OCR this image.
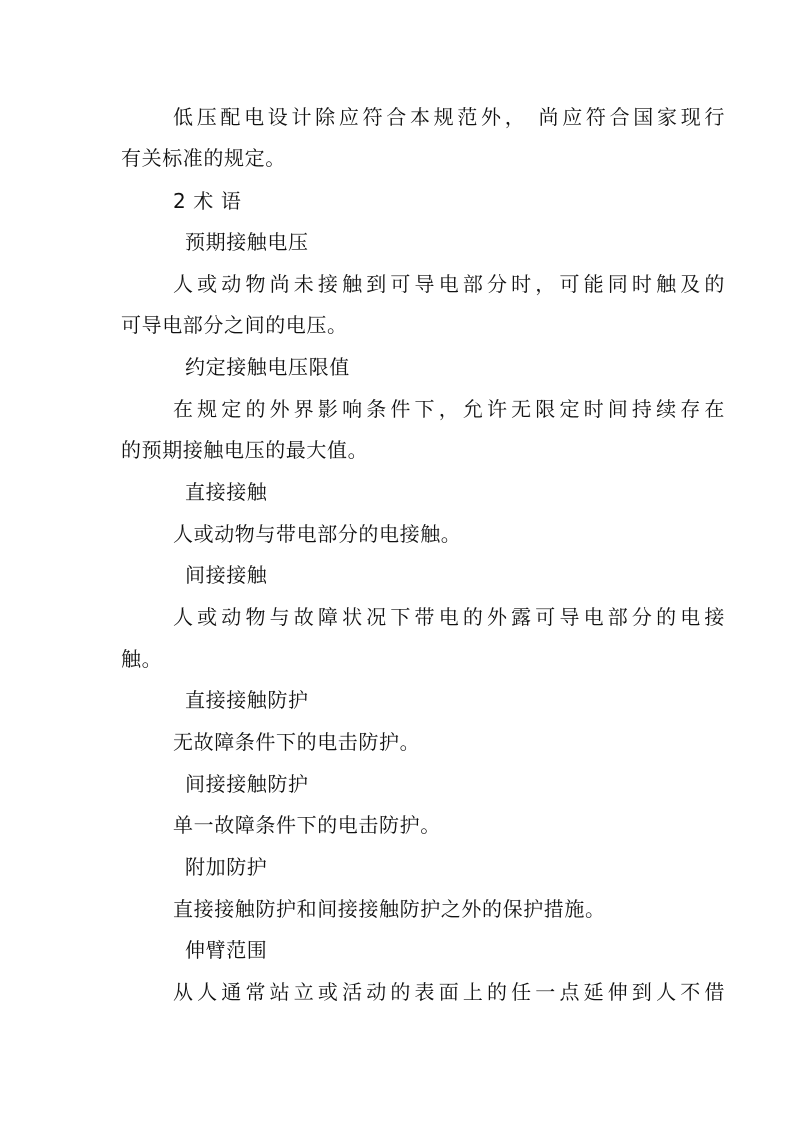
低压配电设计除应符合本规范外， 尚应符合国家现行
有关标准的规定。
2 术 语
预期接触电压
人或动物尚未接触到可导电部分时，可能同时触及的
可导电部分之间的电压。
约定接触电压限值
在规定的外界影响条件下，允许无限定时间持续存在
的预期接触电压的最大值。
直接接触
人或动物与带电部分的电接触。
间接接触
人或动物与故障状况下带电的外露可导电部分的电接
触。
直接接触防护
无故障条件下的电击防护。
间接接触防护
单一故障条件下的电击防护。
附加防护
直接接触防护和间接接触防护之外的保护措施。
伸臂范围
从人通常站立或活动的表面上的任一点延伸到人不借
